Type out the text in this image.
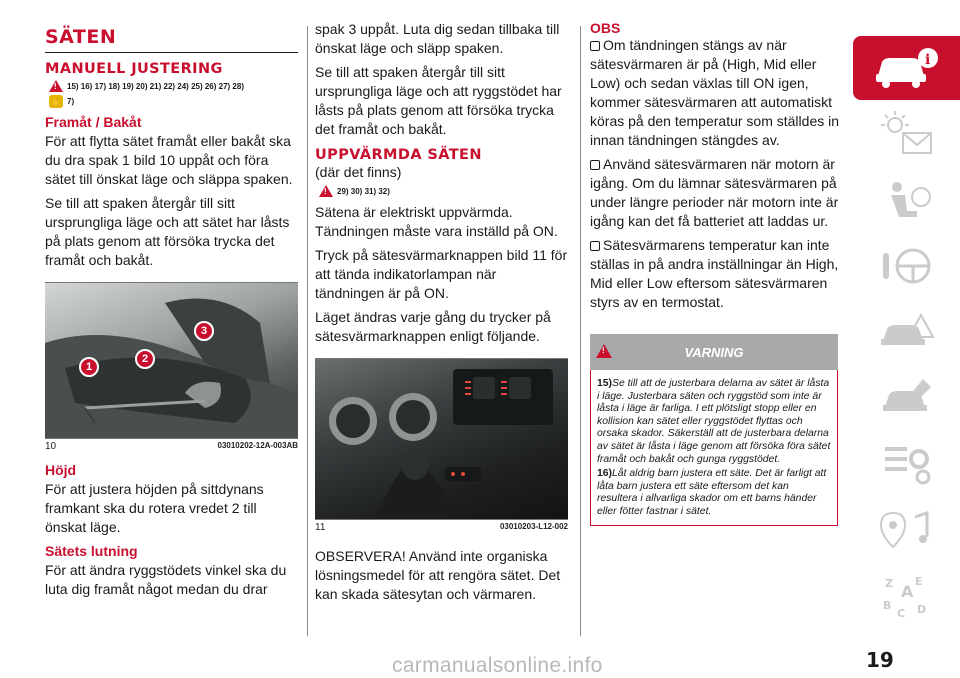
SÄTEN
MANUELL JUSTERING
!
15) 16) 17) 18) 19) 20) 21) 22) 24) 25) 26) 27) 28)
✋ 7)
Framåt / Bakåt

För att flytta sätet framåt eller bakåt ska du dra spak 1 bild 10 uppåt och föra sätet till önskat läge och släppa spaken.

Se till att spaken återgår till sitt ursprungliga läge och att sätet har låsts på plats genom att försöka trycka det framåt och bakåt.

1
2
3
10	03010202-12A-003AB
Höjd

För att justera höjden på sittdynans framkant ska du rotera vredet 2 till önskat läge.

Sätets lutning

För att ändra ryggstödets vinkel ska du luta dig framåt något medan du drar

spak 3 uppåt. Luta dig sedan tillbaka till önskat läge och släpp spaken.

Se till att spaken återgår till sitt ursprungliga läge och att ryggstödet har låsts på plats genom att försöka trycka det framåt och bakåt.

UPPVÄRMDA SÄTEN

(där det finns)

!
29) 30) 31) 32)

Sätena är elektriskt uppvärmda. Tändningen måste vara inställd på ON.

Tryck på sätesvärmarknappen bild 11 för att tända indikatorlampan när tändningen är på ON.

Läget ändras varje gång du trycker på sätesvärmarknappen enligt följande.

11	03010203-L12-002

OBSERVERA! Använd inte organiska lösningsmedel för att rengöra sätet. Det kan skada sätesytan och värmaren.

OBS

Om tändningen stängs av när sätesvärmaren är på (High, Mid eller Low) och sedan växlas till ON igen, kommer sätesvärmaren att automatiskt köras på den temperatur som ställdes in innan tändningen stängdes av.

Använd sätesvärmaren när motorn är igång. Om du lämnar sätesvärmaren på under längre perioder när motorn inte är igång kan det få batteriet att laddas ur.

Sätesvärmarens temperatur kan inte ställas in på andra inställningar än High, Mid eller Low eftersom sätesvärmaren styrs av en termostat.

!
VARNING
15)Se till att de justerbara delarna av sätet är låsta i läge. Justerbara säten och ryggstöd som inte är låsta i läge är farliga. I ett plötsligt stopp eller en kollision kan sätet eller ryggstödet flyttas och orsaka skador. Säkerställ att de justerbara delarna av sätet är låsta i läge genom att försöka föra sätet framåt och bakåt och gunga ryggstödet.
16)Låt aldrig barn justera ett säte. Det är farligt att låta barn justera ett säte eftersom det kan resultera i allvarliga skador om ett barns händer eller fötter fastnar i sätet.
i
Z E
A
B
C D
19
carmanualsonline.info
